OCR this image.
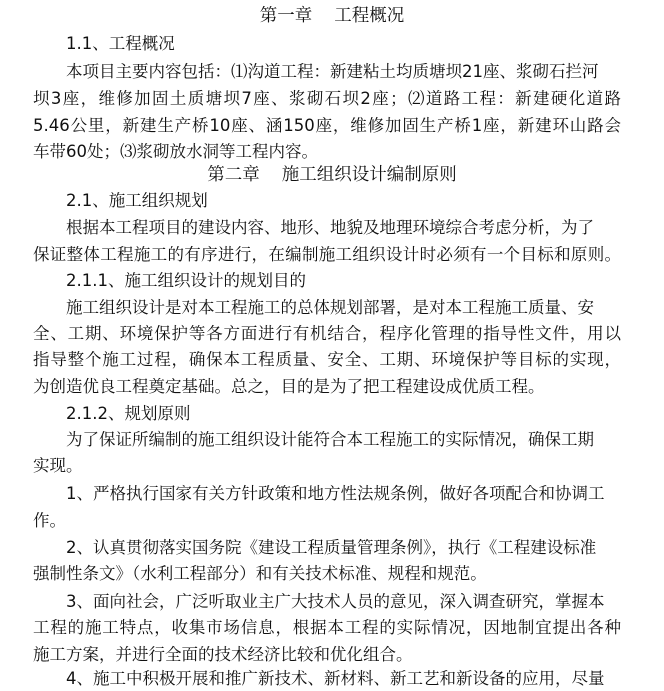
第一章 工程概况
1.1、工程概况
本项目主要内容包括：⑴沟道工程：新建粘土均质塘坝21座、浆砌石拦河
坝3座，维修加固土质塘坝7座、浆砌石坝2座；⑵道路工程：新建硬化道路
5.46公里，新建生产桥10座、涵150座，维修加固生产桥1座，新建环山路会
车带60处；⑶浆砌放水洞等工程内容。
第二章 施工组织设计编制原则
2.1、施工组织规划
根据本工程项目的建设内容、地形、地貌及地理环境综合考虑分析，为了
保证整体工程施工的有序进行，在编制施工组织设计时必须有一个目标和原则。
2.1.1、施工组织设计的规划目的
施工组织设计是对本工程施工的总体规划部署，是对本工程施工质量、安
全、工期、环境保护等各方面进行有机结合，程序化管理的指导性文件，用以
指导整个施工过程，确保本工程质量、安全、工期、环境保护等目标的实现，
为创造优良工程奠定基础。总之，目的是为了把工程建设成优质工程。
2.1.2、规划原则
为了保证所编制的施工组织设计能符合本工程施工的实际情况，确保工期
实现。
1、严格执行国家有关方针政策和地方性法规条例，做好各项配合和协调工
作。
2、认真贯彻落实国务院《建设工程质量管理条例》，执行《工程建设标准
强制性条文》（水利工程部分）和有关技术标准、规程和规范。
3、面向社会，广泛听取业主广大技术人员的意见，深入调查研究，掌握本
工程的施工特点，收集市场信息，根据本工程的实际情况，因地制宜提出各种
施工方案，并进行全面的技术经济比较和优化组合。
4、施工中积极开展和推广新技术、新材料、新工艺和新设备的应用，尽量
